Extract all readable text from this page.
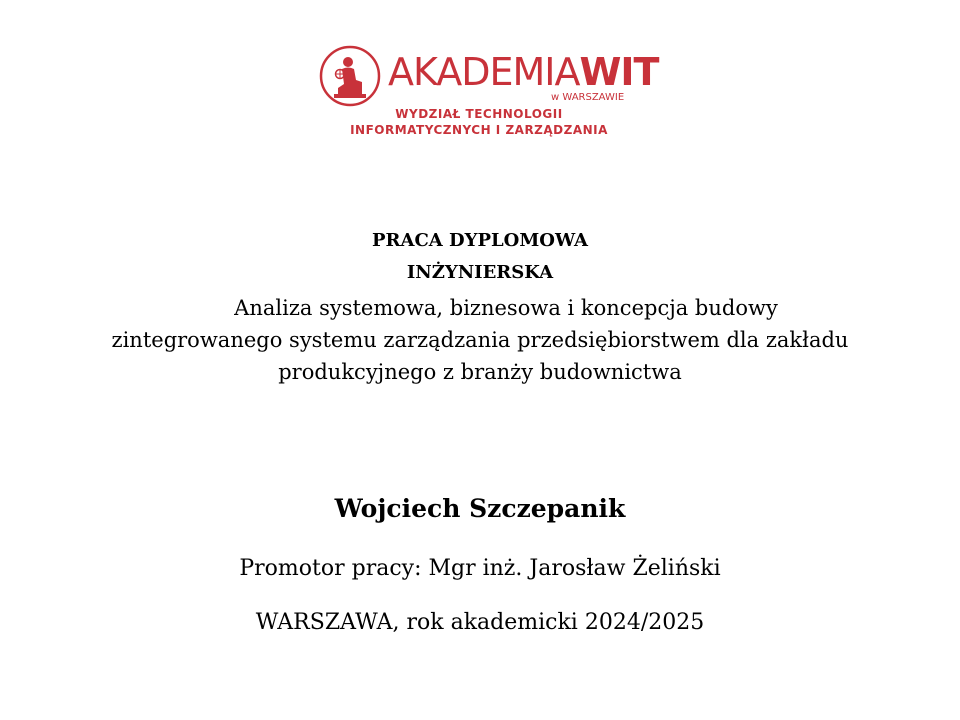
AKADEMIAWIT
w WARSZAWIE
WYDZIAŁ TECHNOLOGII
INFORMATYCZNYCH I ZARZĄDZANIA
PRACA DYPLOMOWA
INŻYNIERSKA
Analiza systemowa, biznesowa i koncepcja budowy
zintegrowanego systemu zarządzania przedsiębiorstwem dla zakładu
produkcyjnego z branży budownictwa
Wojciech Szczepanik
Promotor pracy: Mgr inż. Jarosław Żeliński
WARSZAWA, rok akademicki 2024/2025
